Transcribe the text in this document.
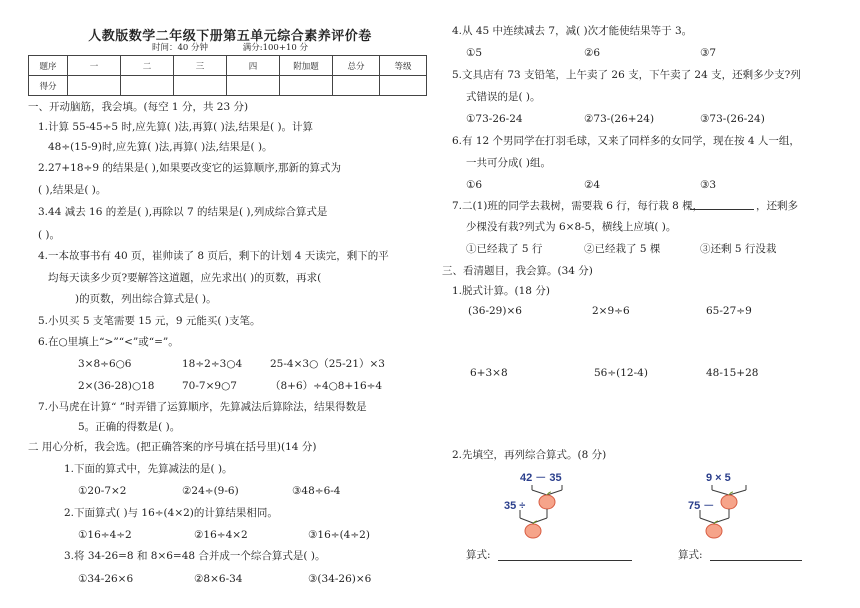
人教版数学二年级下册第五单元综合素养评价卷
时间：40 分钟	满分:100+10 分
题序	一	二	三	四	附加题	总分	等级
得分							
一、开动脑筋，我会填。(每空 1 分，共 23 分)
1.计算 55-45÷5 时,应先算( )法,再算( )法,结果是( )。计算
48÷(15-9)时,应先算( )法,再算( )法,结果是( )。
2.27+18÷9 的结果是( ),如果要改变它的运算顺序,那新的算式为
( ),结果是( )。
3.44 减去 16 的差是( ),再除以 7 的结果是( ),列成综合算式是
( )。
4.一本故事书有 40 页，崔帅读了 8 页后，剩下的计划 4 天读完，剩下的平
均每天读多少页?要解答这道题，应先求出( )的页数，再求(
)的页数，列出综合算式是( )。
5.小贝买 5 支笔需要 15 元，9 元能买( )支笔。
6.在○里填上“>”“<”或“=”。
3×8÷6○6	18÷2÷3○4	25-4×3○（25-21）×3
2×(36-28)○18	70-7×9○7	（8+6）÷4○8+16÷4
7.小马虎在计算“ ”时弄错了运算顺序，先算减法后算除法，结果得数是
5。正确的得数是( )。
二 用心分析，我会选。(把正确答案的序号填在括号里)(14 分)
1.下面的算式中，先算减法的是( )。
①20-7×2	②24÷(9-6)	③48÷6-4
2.下面算式( )与 16÷(4×2)的计算结果相同。
①16÷4÷2	②16÷4×2	③16÷(4÷2)
3.将 34-26=8 和 8×6=48 合并成一个综合算式是( )。
①34-26×6	②8×6-34	③(34-26)×6
4.从 45 中连续减去 7，减( )次才能使结果等于 3。
①5	②6	③7
5.文具店有 73 支铅笔，上午卖了 26 支，下午卖了 24 支，还剩多少支?列
式错误的是( )。
①73-26-24	②73-(26+24)	③73-(26-24)
6.有 12 个男同学在打羽毛球，又来了同样多的女同学，现在按 4 人一组，
一共可分成( )组。
①6	②4	③3
7.二(1)班的同学去栽树，需要栽 6 行，每行栽 8 棵，	，还剩多
少棵没有栽?列式为 6×8-5，横线上应填( )。
①已经栽了 5 行	②已经栽了 5 棵	③还剩 5 行没栽
三、看清题目，我会算。(34 分)
1.脱式计算。(18 分)
(36-29)×6	2×9÷6	65-27÷9
6+3×8	56÷(12-4)	48-15+28
2.先填空，再列综合算式。(8 分)
42 － 35
35 ÷
9 × 5
75 －
算式:	算式:
